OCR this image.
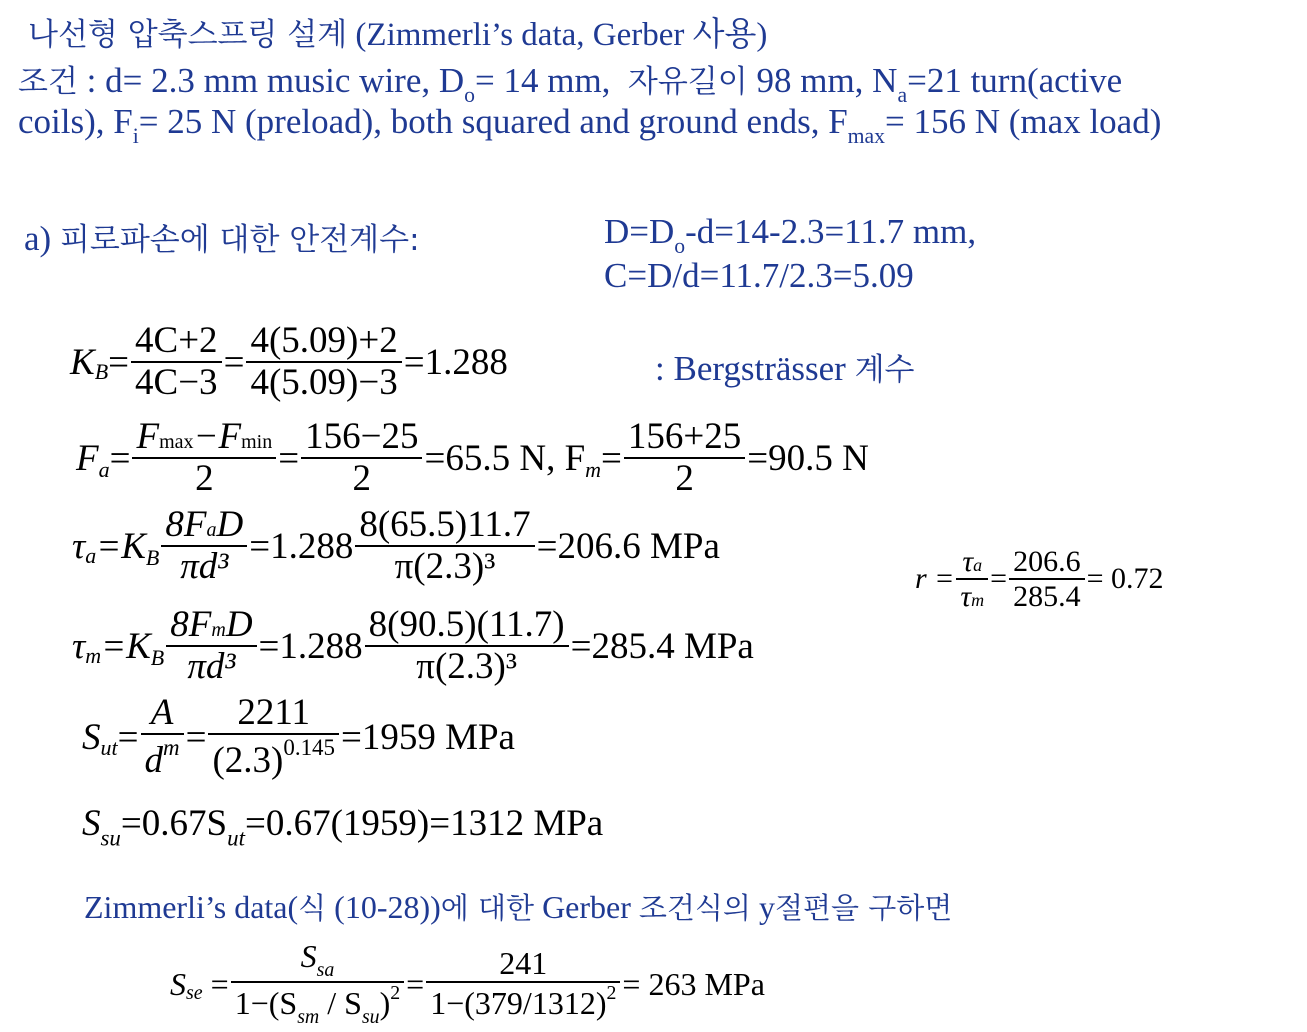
나선형 압축스프링 설계 (Zimmerli’s data, Gerber 사용)
조건 : d= 2.3 mm music wire, $D_o= 14$ mm, 자유길이 98 mm, $N_a=21$ turn(active
coils), $F_i= 25$ N (preload), both squared and ground ends, $F_{max}= 156$ N (max load)
a) 피로파손에 대한 안전계수:	$D=D_o-d=14-2.3=11.7$ mm,
C=D/d=11.7/2.3=5.09
$KB= \frac{4C+2}{4C-3} = \frac{4(5.09)+2}{4(5.09)-3} =1.288$	: Bergsträsser 계수
$Fa= \frac{Fmax-Fmin}{2} = \frac{156-25}{2} =65.5$ N, $Fm= \frac{156+25}{2} =90.5$ N
$\tau a=KB \frac{\text{8FaD}}{\text{πd³}} =1.288 \frac{8(65.5)11.7}{\text{π(2.3)³}} =206.6$ MPa
$r = \frac{\tau a}{\tau m} = \frac{206.6}{285.4} = 0.72$
$\tau m=KB \frac{\text{8FmD}}{\text{πd³}} =1.288 \frac{8(90.5)(11.7)}{\text{π(2.3)³}} =285.4$ MPa
$Sut= \frac{A}{d^m} = \frac{2211}{(2.3)^{0.145}} =1959$ MPa
$S_{su}=0.67S_{ut}=0.67(1959)=1312$ MPa
Zimmerli’s data(식 (10-28))에 대한 Gerber 조건식의 y절편을 구하면
Sse = $\frac{S_{sa}}{1-(S_{sm} / S_{su})^2} = \frac{241}{1-(379/1312)^2} = 263$ MPa
